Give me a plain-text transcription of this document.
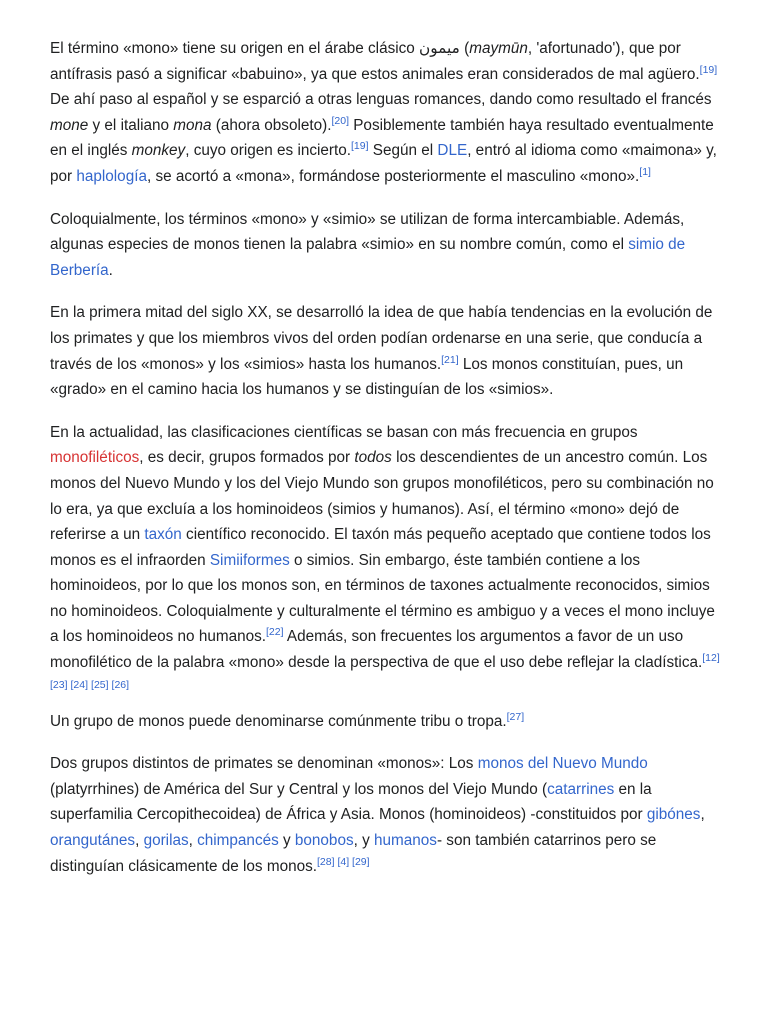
El término «mono» tiene su origen en el árabe clásico ميمون (maymūn, 'afortunado'), que por antífrasis pasó a significar «babuino», ya que estos animales eran considerados de mal agüero.[19] De ahí paso al español y se esparció a otras lenguas romances, dando como resultado el francés mone y el italiano mona (ahora obsoleto).[20] Posiblemente también haya resultado eventualmente en el inglés monkey, cuyo origen es incierto.[19] Según el DLE, entró al idioma como «maimona» y, por haplología, se acortó a «mona», formándose posteriormente el masculino «mono».[1]

Coloquialmente, los términos «mono» y «simio» se utilizan de forma intercambiable. Además, algunas especies de monos tienen la palabra «simio» en su nombre común, como el simio de Berbería.

En la primera mitad del siglo XX, se desarrolló la idea de que había tendencias en la evolución de los primates y que los miembros vivos del orden podían ordenarse en una serie, que conducía a través de los «monos» y los «simios» hasta los humanos.[21] Los monos constituían, pues, un «grado» en el camino hacia los humanos y se distinguían de los «simios».

En la actualidad, las clasificaciones científicas se basan con más frecuencia en grupos monofiléticos, es decir, grupos formados por todos los descendientes de un ancestro común. Los monos del Nuevo Mundo y los del Viejo Mundo son grupos monofiléticos, pero su combinación no lo era, ya que excluía a los hominoideos (simios y humanos). Así, el término «mono» dejó de referirse a un taxón científico reconocido. El taxón más pequeño aceptado que contiene todos los monos es el infraorden Simiiformes o simios. Sin embargo, éste también contiene a los hominoideos, por lo que los monos son, en términos de taxones actualmente reconocidos, simios no hominoideos. Coloquialmente y culturalmente el término es ambiguo y a veces el mono incluye a los hominoideos no humanos.[22] Además, son frecuentes los argumentos a favor de un uso monofilético de la palabra «mono» desde la perspectiva de que el uso debe reflejar la cladística.[12]
[23] [24] [25] [26]

Un grupo de monos puede denominarse comúnmente tribu o tropa.[27]

Dos grupos distintos de primates se denominan «monos»: Los monos del Nuevo Mundo (platyrrhines) de América del Sur y Central y los monos del Viejo Mundo (catarrines en la superfamilia Cercopithecoidea) de África y Asia. Monos (hominoideos) -constituidos por gibónes, orangutánes, gorilas, chimpancés y bonobos, y humanos- son también catarrinos pero se distinguían clásicamente de los monos.[28] [4] [29]
